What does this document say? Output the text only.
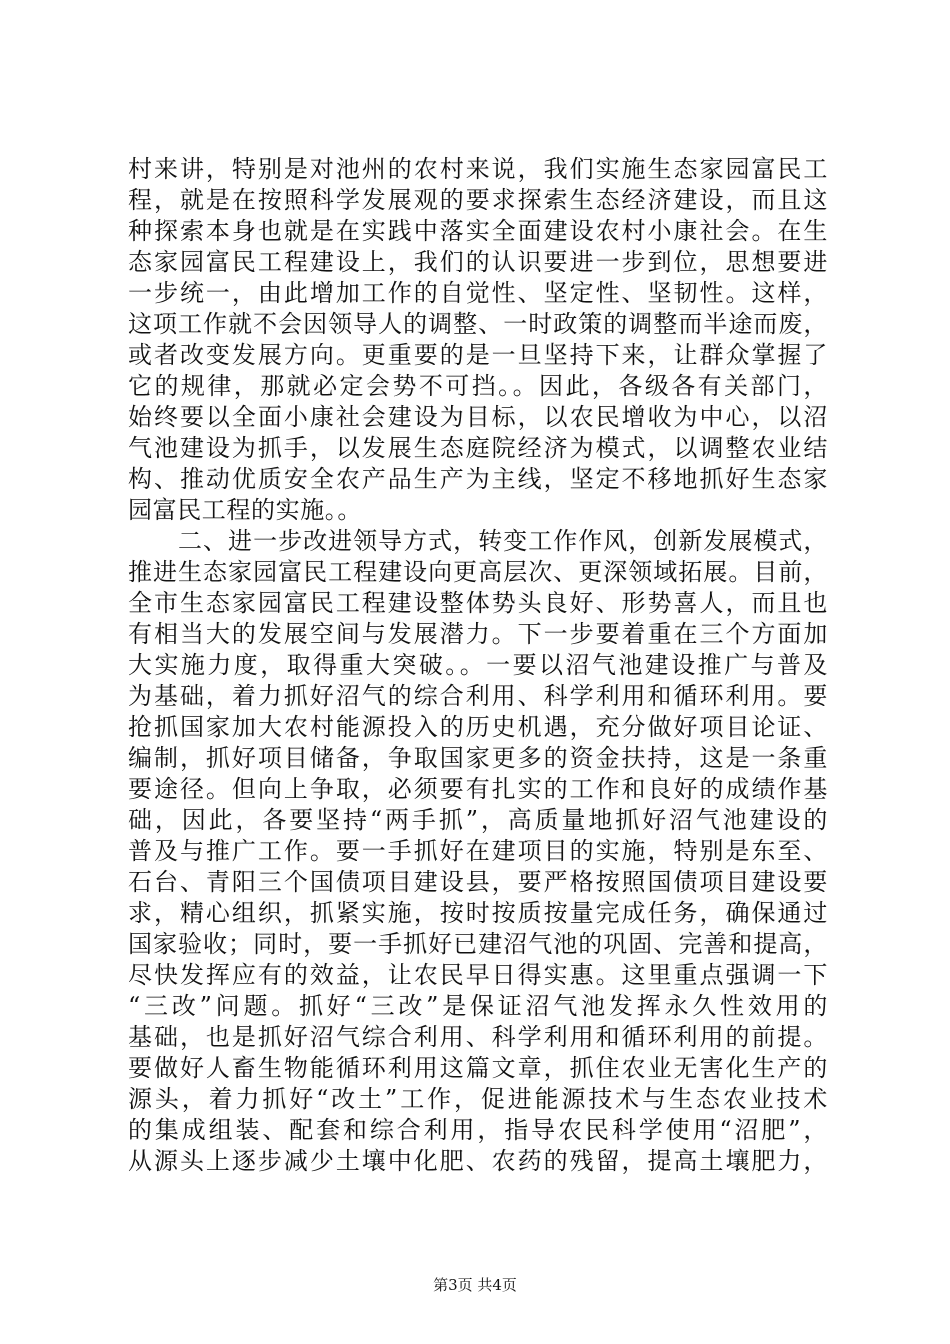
村来讲，特别是对池州的农村来说，我们实施生态家园富民工
程，就是在按照科学发展观的要求探索生态经济建设，而且这
种探索本身也就是在实践中落实全面建设农村小康社会。在生
态家园富民工程建设上，我们的认识要进一步到位，思想要进
一步统一，由此增加工作的自觉性、坚定性、坚韧性。这样，
这项工作就不会因领导人的调整、一时政策的调整而半途而废，
或者改变发展方向。更重要的是一旦坚持下来，让群众掌握了
它的规律，那就必定会势不可挡。。因此，各级各有关部门，
始终要以全面小康社会建设为目标，以农民增收为中心，以沼
气池建设为抓手，以发展生态庭院经济为模式，以调整农业结
构、推动优质安全农产品生产为主线，坚定不移地抓好生态家
园富民工程的实施。。
　　二、进一步改进领导方式，转变工作作风，创新发展模式，
推进生态家园富民工程建设向更高层次、更深领域拓展。目前，
全市生态家园富民工程建设整体势头良好、形势喜人，而且也
有相当大的发展空间与发展潜力。下一步要着重在三个方面加
大实施力度，取得重大突破。。一要以沼气池建设推广与普及
为基础，着力抓好沼气的综合利用、科学利用和循环利用。要
抢抓国家加大农村能源投入的历史机遇，充分做好项目论证、
编制，抓好项目储备，争取国家更多的资金扶持，这是一条重
要途径。但向上争取，必须要有扎实的工作和良好的成绩作基
础，因此，各要坚持“两手抓”，高质量地抓好沼气池建设的
普及与推广工作。要一手抓好在建项目的实施，特别是东至、
石台、青阳三个国债项目建设县，要严格按照国债项目建设要
求，精心组织，抓紧实施，按时按质按量完成任务，确保通过
国家验收；同时，要一手抓好已建沼气池的巩固、完善和提高，
尽快发挥应有的效益，让农民早日得实惠。这里重点强调一下
“三改”问题。抓好“三改”是保证沼气池发挥永久性效用的
基础，也是抓好沼气综合利用、科学利用和循环利用的前提。
要做好人畜生物能循环利用这篇文章，抓住农业无害化生产的
源头，着力抓好“改土”工作，促进能源技术与生态农业技术
的集成组装、配套和综合利用，指导农民科学使用“沼肥”，
从源头上逐步减少土壤中化肥、农药的残留，提高土壤肥力，
第3页 共4页
